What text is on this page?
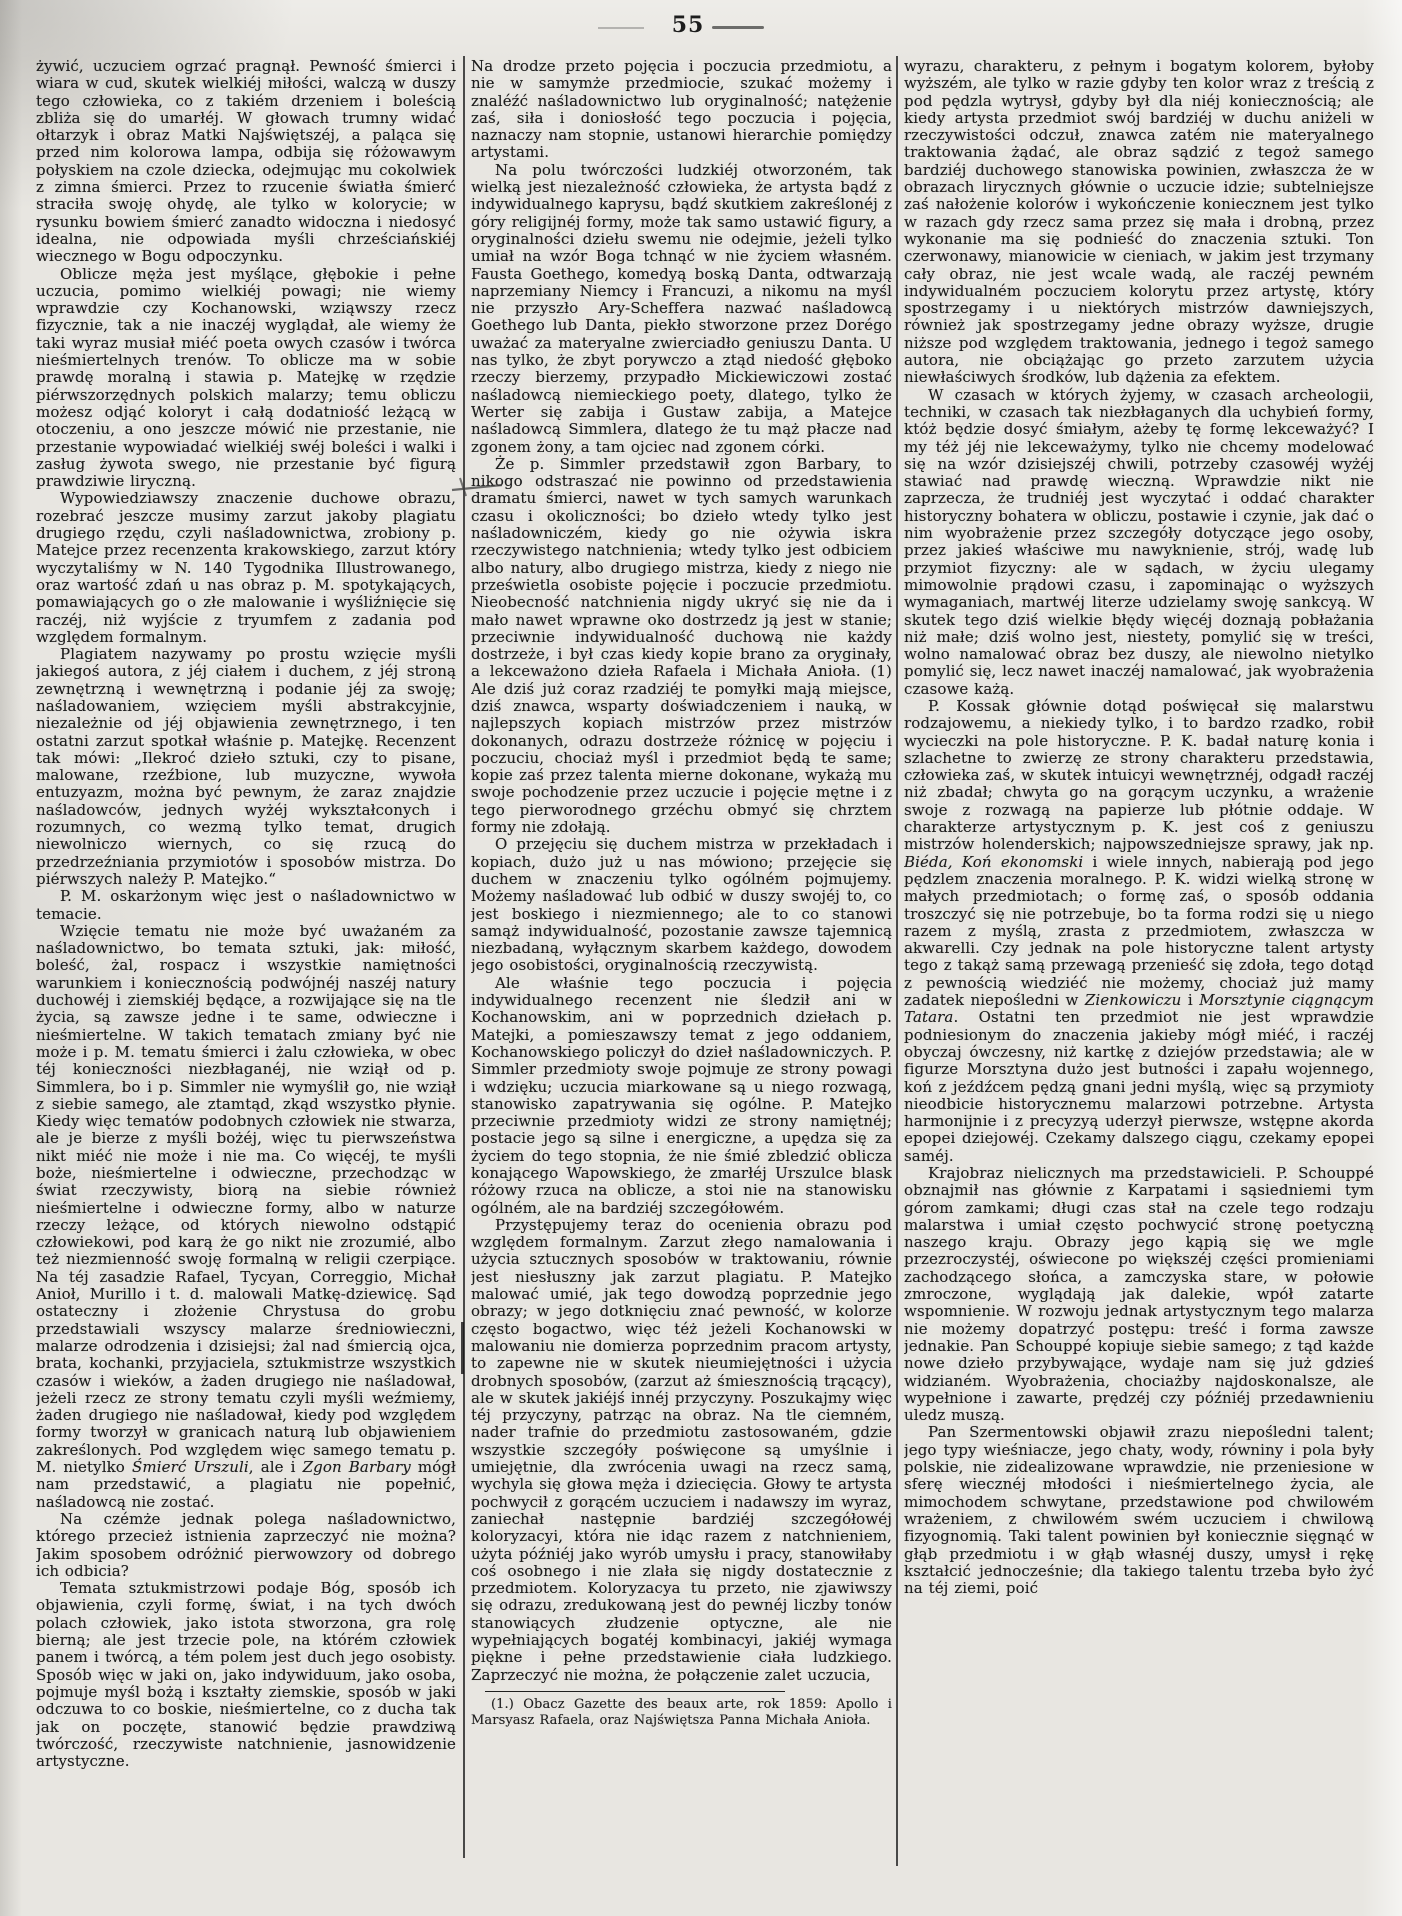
55

żywić, uczuciem ogrzać pragnął. Pewność śmierci i wiara w cud, skutek wielkiéj miłości, walczą w duszy tego człowieka, co z takiém drzeniem i boleścią zbliża się do umarłéj. W głowach trumny widać ołtarzyk i obraz Matki Najświętszéj, a paląca się przed nim kolorowa lampa, odbija się różowawym połyskiem na czole dziecka, odejmując mu cokolwiek z zimna śmierci. Przez to rzucenie światła śmierć straciła swoję ohydę, ale tylko w kolorycie; w rysunku bowiem śmierć zanadto widoczna i niedosyć idealna, nie odpowiada myśli chrześciańskiéj wiecznego w Bogu odpoczynku.

Oblicze męża jest myślące, głębokie i pełne uczucia, pomimo wielkiéj powagi; nie wiemy wprawdzie czy Kochanowski, wziąwszy rzecz fizycznie, tak a nie inaczéj wyglądał, ale wiemy że taki wyraz musiał miéć poeta owych czasów i twórca nieśmiertelnych trenów. To oblicze ma w sobie prawdę moralną i stawia p. Matejkę w rzędzie piérwszorzędnych polskich malarzy; temu obliczu możesz odjąć koloryt i całą dodatniość leżącą w otoczeniu, a ono jeszcze mówić nie przestanie, nie przestanie wypowiadać wielkiéj swéj boleści i walki i zasług żywota swego, nie przestanie być figurą prawdziwie liryczną.

Wypowiedziawszy znaczenie duchowe obrazu, rozebrać jeszcze musimy zarzut jakoby plagiatu drugiego rzędu, czyli naśladownictwa, zrobiony p. Matejce przez recenzenta krakowskiego, zarzut który wyczytaliśmy w N. 140 Tygodnika Illustrowanego, oraz wartość zdań u nas obraz p. M. spotykających, pomawiających go o złe malowanie i wyśliźnięcie się raczéj, niż wyjście z tryumfem z zadania pod względem formalnym.

Plagiatem nazywamy po prostu wzięcie myśli jakiegoś autora, z jéj ciałem i duchem, z jéj stroną zewnętrzną i wewnętrzną i podanie jéj za swoję; naśladowaniem, wzięciem myśli abstrakcyjnie, niezależnie od jéj objawienia zewnętrznego, i ten ostatni zarzut spotkał właśnie p. Matejkę. Recenzent tak mówi: „Ilekroć dzieło sztuki, czy to pisane, malowane, rzeźbione, lub muzyczne, wywoła entuzyazm, można być pewnym, że zaraz znajdzie naśladowców, jednych wyżéj wykształconych i rozumnych, co wezmą tylko temat, drugich niewolniczo wiernych, co się rzucą do przedrzeźniania przymiotów i sposobów mistrza. Do piérwszych należy P. Matejko.“

P. M. oskarżonym więc jest o naśladownictwo w temacie.

Wzięcie tematu nie może być uważaném za naśladownictwo, bo temata sztuki, jak: miłość, boleść, żal, rospacz i wszystkie namiętności warunkiem i koniecznością podwójnéj naszéj natury duchowéj i ziemskiéj będące, a rozwijające się na tle życia, są zawsze jedne i te same, odwieczne i nieśmiertelne. W takich tematach zmiany być nie może i p. M. tematu śmierci i żalu człowieka, w obec téj konieczności niezbłaganéj, nie wziął od p. Simmlera, bo i p. Simmler nie wymyślił go, nie wziął z siebie samego, ale ztamtąd, zkąd wszystko płynie. Kiedy więc tematów podobnych człowiek nie stwarza, ale je bierze z myśli bożéj, więc tu pierwszeństwa nikt miéć nie może i nie ma. Co więcéj, te myśli boże, nieśmiertelne i odwieczne, przechodząc w świat rzeczywisty, biorą na siebie również nieśmiertelne i odwieczne formy, albo w naturze rzeczy leżące, od których niewolno odstąpić człowiekowi, pod karą że go nikt nie zrozumié, albo też niezmienność swoję formalną w religii czerpiące. Na téj zasadzie Rafael, Tycyan, Correggio, Michał Anioł, Murillo i t. d. malowali Matkę-dziewicę. Sąd ostateczny i złożenie Chrystusa do grobu przedstawiali wszyscy malarze średniowieczni, malarze odrodzenia i dzisiejsi; żal nad śmiercią ojca, brata, kochanki, przyjaciela, sztukmistrze wszystkich czasów i wieków, a żaden drugiego nie naśladował, jeżeli rzecz ze strony tematu czyli myśli weźmiemy, żaden drugiego nie naśladował, kiedy pod względem formy tworzył w granicach naturą lub objawieniem zakreślonych. Pod względem więc samego tematu p. M. nietylko Śmierć Urszuli, ale i Zgon Barbary mógł nam przedstawić, a plagiatu nie popełnić, naśladowcą nie zostać.

Na czémże jednak polega naśladownictwo, którego przecież istnienia zaprzeczyć nie można? Jakim sposobem odróżnić pierwowzory od dobrego ich odbicia?

Temata sztukmistrzowi podaje Bóg, sposób ich objawienia, czyli formę, świat, i na tych dwóch polach człowiek, jako istota stworzona, gra rolę bierną; ale jest trzecie pole, na którém człowiek panem i twórcą, a tém polem jest duch jego osobisty. Sposób więc w jaki on, jako indywiduum, jako osoba, pojmuje myśl bożą i kształty ziemskie, sposób w jaki odczuwa to co boskie, nieśmiertelne, co z ducha tak jak on poczęte, stanowić będzie prawdziwą twórczość, rzeczywiste natchnienie, jasnowidzenie artystyczne.

Na drodze przeto pojęcia i poczucia przedmiotu, a nie w samymże przedmiocie, szukać możemy i znaléźć naśladownictwo lub oryginalność; natężenie zaś, siła i doniosłość tego poczucia i pojęcia, naznaczy nam stopnie, ustanowi hierarchie pomiędzy artystami.

Na polu twórczości ludzkiéj otworzoném, tak wielką jest niezależność człowieka, że artysta bądź z indywidualnego kaprysu, bądź skutkiem zakreślonéj z góry religijnéj formy, może tak samo ustawić figury, a oryginalności dziełu swemu nie odejmie, jeżeli tylko umiał na wzór Boga tchnąć w nie życiem własném. Fausta Goethego, komedyą boską Danta, odtwarzają naprzemiany Niemcy i Francuzi, a nikomu na myśl nie przyszło Ary-Scheffera nazwać naśladowcą Goethego lub Danta, piekło stworzone przez Dorégo uważać za materyalne zwierciadło geniuszu Danta. U nas tylko, że zbyt porywczo a ztąd niedość głęboko rzeczy bierzemy, przypadło Mickiewiczowi zostać naśladowcą niemieckiego poety, dlatego, tylko że Werter się zabija i Gustaw zabija, a Matejce naśladowcą Simmlera, dlatego że tu mąż płacze nad zgonem żony, a tam ojciec nad zgonem córki.

Że p. Simmler przedstawił zgon Barbary, to nikogo odstraszać nie powinno od przedstawienia dramatu śmierci, nawet w tych samych warunkach czasu i okoliczności; bo dzieło wtedy tylko jest naśladowniczém, kiedy go nie ożywia iskra rzeczywistego natchnienia; wtedy tylko jest odbiciem albo natury, albo drugiego mistrza, kiedy z niego nie prześwietla osobiste pojęcie i poczucie przedmiotu. Nieobecność natchnienia nigdy ukryć się nie da i mało nawet wprawne oko dostrzedz ją jest w stanie; przeciwnie indywidualność duchową nie każdy dostrzeże, i był czas kiedy kopie brano za oryginały, a lekceważono dzieła Rafaela i Michała Anioła. (1) Ale dziś już coraz rzadziéj te pomyłki mają miejsce, dziś znawca, wsparty doświadczeniem i nauką, w najlepszych kopiach mistrzów przez mistrzów dokonanych, odrazu dostrzeże różnicę w pojęciu i poczuciu, chociaż myśl i przedmiot będą te same; kopie zaś przez talenta mierne dokonane, wykażą mu swoje pochodzenie przez uczucie i pojęcie mętne i z tego pierworodnego grzéchu obmyć się chrztem formy nie zdołają.

O przejęciu się duchem mistrza w przekładach i kopiach, dużo już u nas mówiono; przejęcie się duchem w znaczeniu tylko ogólném pojmujemy. Możemy naśladować lub odbić w duszy swojéj to, co jest boskiego i niezmiennego; ale to co stanowi samąż indywidualność, pozostanie zawsze tajemnicą niezbadaną, wyłącznym skarbem każdego, dowodem jego osobistości, oryginalnością rzeczywistą.

Ale właśnie tego poczucia i pojęcia indywidualnego recenzent nie śledził ani w Kochanowskim, ani w poprzednich dziełach p. Matejki, a pomieszawszy temat z jego oddaniem, Kochanowskiego policzył do dzieł naśladowniczych. P. Simmler przedmioty swoje pojmuje ze strony powagi i wdzięku; uczucia miarkowane są u niego rozwagą, stanowisko zapatrywania się ogólne. P. Matejko przeciwnie przedmioty widzi ze strony namiętnéj; postacie jego są silne i energiczne, a upędza się za życiem do tego stopnia, że nie śmié zbledzić oblicza konającego Wapowskiego, że zmarłéj Urszulce blask różowy rzuca na oblicze, a stoi nie na stanowisku ogólném, ale na bardziéj szczegółowém.

Przystępujemy teraz do ocenienia obrazu pod względem formalnym. Zarzut złego namalowania i użycia sztucznych sposobów w traktowaniu, równie jest niesłuszny jak zarzut plagiatu. P. Matejko malować umié, jak tego dowodzą poprzednie jego obrazy; w jego dotknięciu znać pewność, w kolorze często bogactwo, więc téż jeżeli Kochanowski w malowaniu nie domierza poprzednim pracom artysty, to zapewne nie w skutek nieumiejętności i użycia drobnych sposobów, (zarzut aż śmiesznością trącący), ale w skutek jakiéjś innéj przyczyny. Poszukajmy więc téj przyczyny, patrząc na obraz. Na tle ciemném, nader trafnie do przedmiotu zastosowaném, gdzie wszystkie szczegóły poświęcone są umyślnie i umiejętnie, dla zwrócenia uwagi na rzecz samą, wychyla się głowa męża i dziecięcia. Głowy te artysta pochwycił z gorącém uczuciem i nadawszy im wyraz, zaniechał następnie bardziéj szczegółowéj koloryzacyi, która nie idąc razem z natchnieniem, użyta późniéj jako wyrób umysłu i pracy, stanowiłaby coś osobnego i nie zlała się nigdy dostatecznie z przedmiotem. Koloryzacya tu przeto, nie zjawiwszy się odrazu, zredukowaną jest do pewnéj liczby tonów stanowiących złudzenie optyczne, ale nie wypełniających bogatéj kombinacyi, jakiéj wymaga piękne i pełne przedstawienie ciała ludzkiego. Zaprzeczyć nie można, że połączenie zalet uczucia,

(1.) Obacz Gazette des beaux arte, rok 1859: Apollo i Marsyasz Rafaela, oraz Najświętsza Panna Michała Anioła.

wyrazu, charakteru, z pełnym i bogatym kolorem, byłoby wyższém, ale tylko w razie gdyby ten kolor wraz z treścią z pod pędzla wytrysł, gdyby był dla niéj koniecznością; ale kiedy artysta przedmiot swój bardziéj w duchu aniżeli w rzeczywistości odczuł, znawca zatém nie materyalnego traktowania żądać, ale obraz sądzić z tegoż samego bardziéj duchowego stanowiska powinien, zwłaszcza że w obrazach lirycznych głównie o uczucie idzie; subtelniejsze zaś nałożenie kolorów i wykończenie koniecznem jest tylko w razach gdy rzecz sama przez się mała i drobną, przez wykonanie ma się podnieść do znaczenia sztuki. Ton czerwonawy, mianowicie w cieniach, w jakim jest trzymany cały obraz, nie jest wcale wadą, ale raczéj pewném indywidualném poczuciem kolorytu przez artystę, który spostrzegamy i u niektórych mistrzów dawniejszych, również jak spostrzegamy jedne obrazy wyższe, drugie niższe pod względem traktowania, jednego i tegoż samego autora, nie obciążając go przeto zarzutem użycia niewłaściwych środków, lub dążenia za efektem.

W czasach w których żyjemy, w czasach archeologii, techniki, w czasach tak niezbłaganych dla uchybień formy, któż będzie dosyć śmiałym, ażeby tę formę lekceważyć? I my téż jéj nie lekceważymy, tylko nie chcemy modelować się na wzór dzisiejszéj chwili, potrzeby czasowéj wyżéj stawiać nad prawdę wieczną. Wprawdzie nikt nie zaprzecza, że trudniéj jest wyczytać i oddać charakter historyczny bohatera w obliczu, postawie i czynie, jak dać o nim wyobrażenie przez szczegóły dotyczące jego osoby, przez jakieś właściwe mu nawyknienie, strój, wadę lub przymiot fizyczny: ale w sądach, w życiu ulegamy mimowolnie prądowi czasu, i zapominając o wyższych wymaganiach, martwéj literze udzielamy swoję sankcyą. W skutek tego dziś wielkie błędy więcéj doznają pobłażania niż małe; dziś wolno jest, niestety, pomylić się w treści, wolno namalować obraz bez duszy, ale niewolno nietylko pomylić się, lecz nawet inaczéj namalować, jak wyobrażenia czasowe każą.

P. Kossak głównie dotąd poświęcał się malarstwu rodzajowemu, a niekiedy tylko, i to bardzo rzadko, robił wycieczki na pole historyczne. P. K. badał naturę konia i szlachetne to zwierzę ze strony charakteru przedstawia, człowieka zaś, w skutek intuicyi wewnętrznéj, odgadł raczéj niż zbadał; chwyta go na gorącym uczynku, a wrażenie swoje z rozwagą na papierze lub płótnie oddaje. W charakterze artystycznym p. K. jest coś z geniuszu mistrzów holenderskich; najpowszedniejsze sprawy, jak np. Biéda, Koń ekonomski i wiele innych, nabierają pod jego pędzlem znaczenia moralnego. P. K. widzi wielką stronę w małych przedmiotach; o formę zaś, o sposób oddania troszczyć się nie potrzebuje, bo ta forma rodzi się u niego razem z myślą, zrasta z przedmiotem, zwłaszcza w akwarelli. Czy jednak na pole historyczne talent artysty tego z takąż samą przewagą przenieść się zdoła, tego dotąd z pewnością wiedziéć nie możemy, chociaż już mamy zadatek niepośledni w Zienkowiczu i Morsztynie ciągnącym Tatara. Ostatni ten przedmiot nie jest wprawdzie podniesionym do znaczenia jakieby mógł miéć, i raczéj obyczaj ówczesny, niż kartkę z dziejów przedstawia; ale w figurze Morsztyna dużo jest butności i zapału wojennego, koń z jeźdźcem pędzą gnani jedni myślą, więc są przymioty nieodbicie historycznemu malarzowi potrzebne. Artysta harmonijnie i z precyzyą uderzył pierwsze, wstępne akorda epopei dziejowéj. Czekamy dalszego ciągu, czekamy epopei saméj.

Krajobraz nielicznych ma przedstawicieli. P. Schouppé obznajmił nas głównie z Karpatami i sąsiedniemi tym górom zamkami; długi czas stał na czele tego rodzaju malarstwa i umiał często pochwycić stronę poetyczną naszego kraju. Obrazy jego kąpią się we mgle przezroczystéj, oświecone po większéj części promieniami zachodzącego słońca, a zamczyska stare, w połowie zmroczone, wyglądają jak dalekie, wpół zatarte wspomnienie. W rozwoju jednak artystycznym tego malarza nie możemy dopatrzyć postępu: treść i forma zawsze jednakie. Pan Schouppé kopiuje siebie samego; z tąd każde nowe dzieło przybywające, wydaje nam się już gdzieś widzianém. Wyobrażenia, chociażby najdoskonalsze, ale wypełnione i zawarte, prędzéj czy późniéj przedawnieniu uledz muszą.

Pan Szermentowski objawił zrazu niepośledni talent; jego typy wieśniacze, jego chaty, wody, równiny i pola były polskie, nie zidealizowane wprawdzie, nie przeniesione w sferę wiecznéj młodości i nieśmiertelnego życia, ale mimochodem schwytane, przedstawione pod chwilowém wrażeniem, z chwilowém swém uczuciem i chwilową fizyognomią. Taki talent powinien był koniecznie sięgnąć w głąb przedmiotu i w głąb własnéj duszy, umysł i rękę kształcić jednocześnie; dla takiego talentu trzeba było żyć na téj ziemi, poić
